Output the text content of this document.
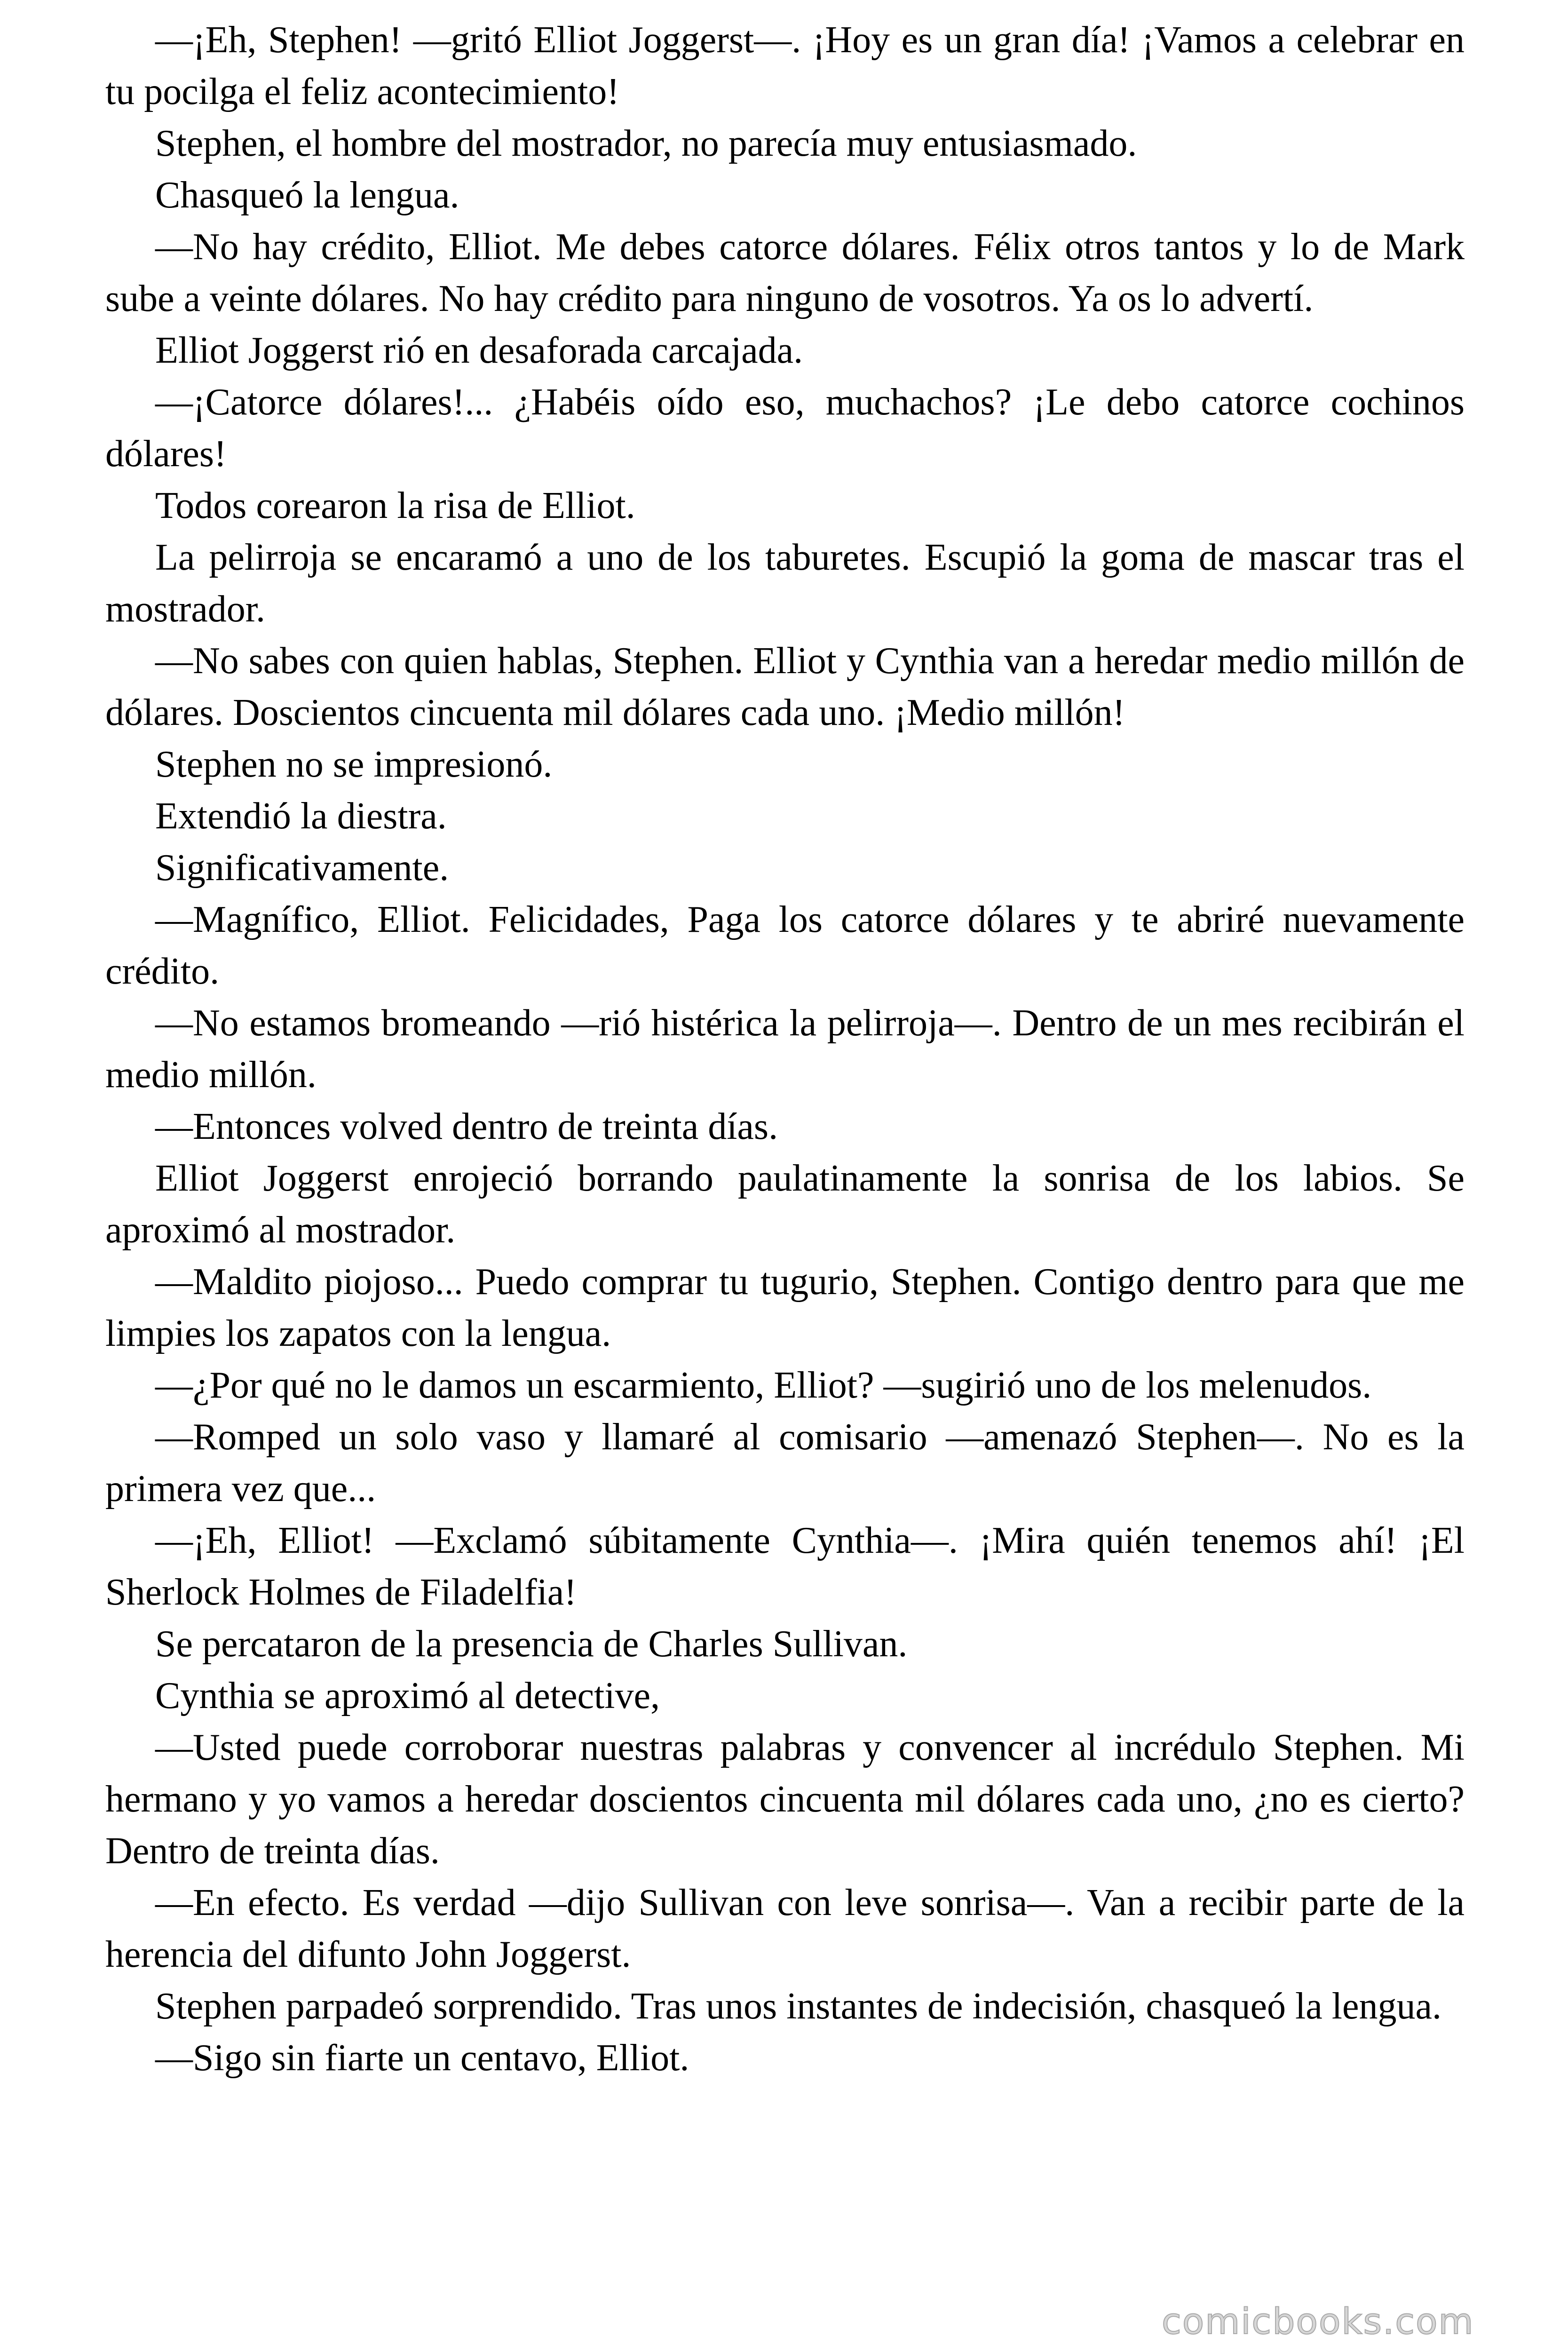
—¡Eh, Stephen! —gritó Elliot Joggerst—. ¡Hoy es un gran día! ¡Vamos a celebrar en tu pocilga el feliz acontecimiento!

Stephen, el hombre del mostrador, no parecía muy entusiasmado.

Chasqueó la lengua.

—No hay crédito, Elliot. Me debes catorce dólares. Félix otros tantos y lo de Mark sube a veinte dólares. No hay crédito para ninguno de vosotros. Ya os lo advertí.

Elliot Joggerst rió en desaforada carcajada.

—¡Catorce dólares!... ¿Habéis oído eso, muchachos? ¡Le debo catorce cochinos dólares!

Todos corearon la risa de Elliot.

La pelirroja se encaramó a uno de los taburetes. Escupió la goma de mascar tras el mostrador.

—No sabes con quien hablas, Stephen. Elliot y Cynthia van a heredar medio millón de dólares. Doscientos cincuenta mil dólares cada uno. ¡Medio millón!

Stephen no se impresionó.

Extendió la diestra.

Significativamente.

—Magnífico, Elliot. Felicidades, Paga los catorce dólares y te abriré nuevamente crédito.

—No estamos bromeando —rió histérica la pelirroja—. Dentro de un mes recibirán el medio millón.

—Entonces volved dentro de treinta días.

Elliot Joggerst enrojeció borrando paulatinamente la sonrisa de los labios. Se aproximó al mostrador.

—Maldito piojoso... Puedo comprar tu tugurio, Stephen. Contigo dentro para que me limpies los zapatos con la lengua.

—¿Por qué no le damos un escarmiento, Elliot? —sugirió uno de los melenudos.

—Romped un solo vaso y llamaré al comisario —amenazó Stephen—. No es la primera vez que...

—¡Eh, Elliot! —Exclamó súbitamente Cynthia—. ¡Mira quién tenemos ahí! ¡El Sherlock Holmes de Filadelfia!

Se percataron de la presencia de Charles Sullivan.

Cynthia se aproximó al detective,

—Usted puede corroborar nuestras palabras y convencer al incrédulo Stephen. Mi hermano y yo vamos a heredar doscientos cincuenta mil dólares cada uno, ¿no es cierto? Dentro de treinta días.

—En efecto. Es verdad —dijo Sullivan con leve sonrisa—. Van a recibir parte de la herencia del difunto John Joggerst.

Stephen parpadeó sorprendido. Tras unos instantes de indecisión, chasqueó la lengua.

—Sigo sin fiarte un centavo, Elliot.

comicbooks.com
